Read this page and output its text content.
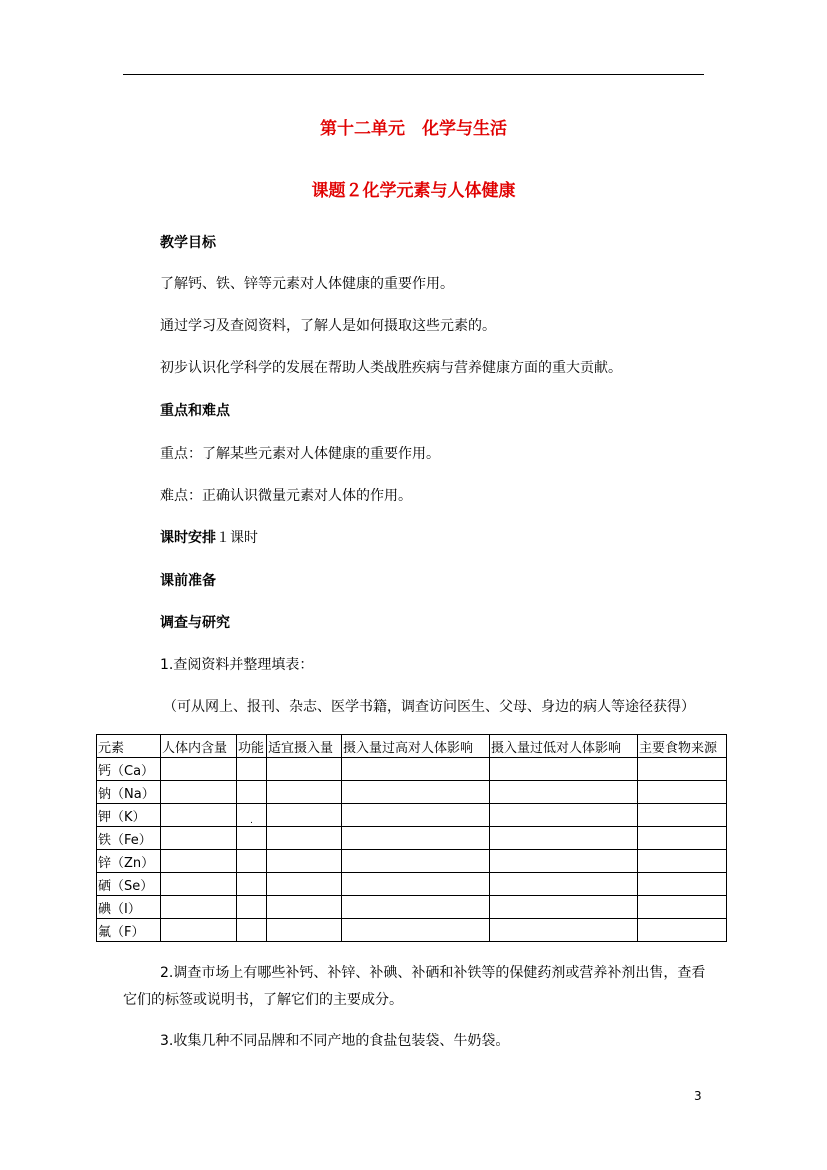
第十二单元　化学与生活
课题２化学元素与人体健康
教学目标
了解钙、铁、锌等元素对人体健康的重要作用。
通过学习及查阅资料，了解人是如何摄取这些元素的。
初步认识化学科学的发展在帮助人类战胜疾病与营养健康方面的重大贡献。
重点和难点
重点：了解某些元素对人体健康的重要作用。
难点：正确认识微量元素对人体的作用。
课时安排１课时
课前准备
调查与研究
1.查阅资料并整理填表：
（可从网上、报刊、杂志、医学书籍，调查访问医生、父母、身边的病人等途径获得）
元素	人体内含量	功能	适宜摄入量	摄入量过高对人体影响	摄入量过低对人体影响	主要食物来源
钙（Ca）						
钠（Na）						
钾（K）		.				
铁（Fe）						
锌（Zn）						
硒（Se）						
碘（I）						
氟（F）						
2.调查市场上有哪些补钙、补锌、补碘、补硒和补铁等的保健药剂或营养补剂出售，查看它们的标签或说明书，了解它们的主要成分。
3.收集几种不同品牌和不同产地的食盐包装袋、牛奶袋。
3
